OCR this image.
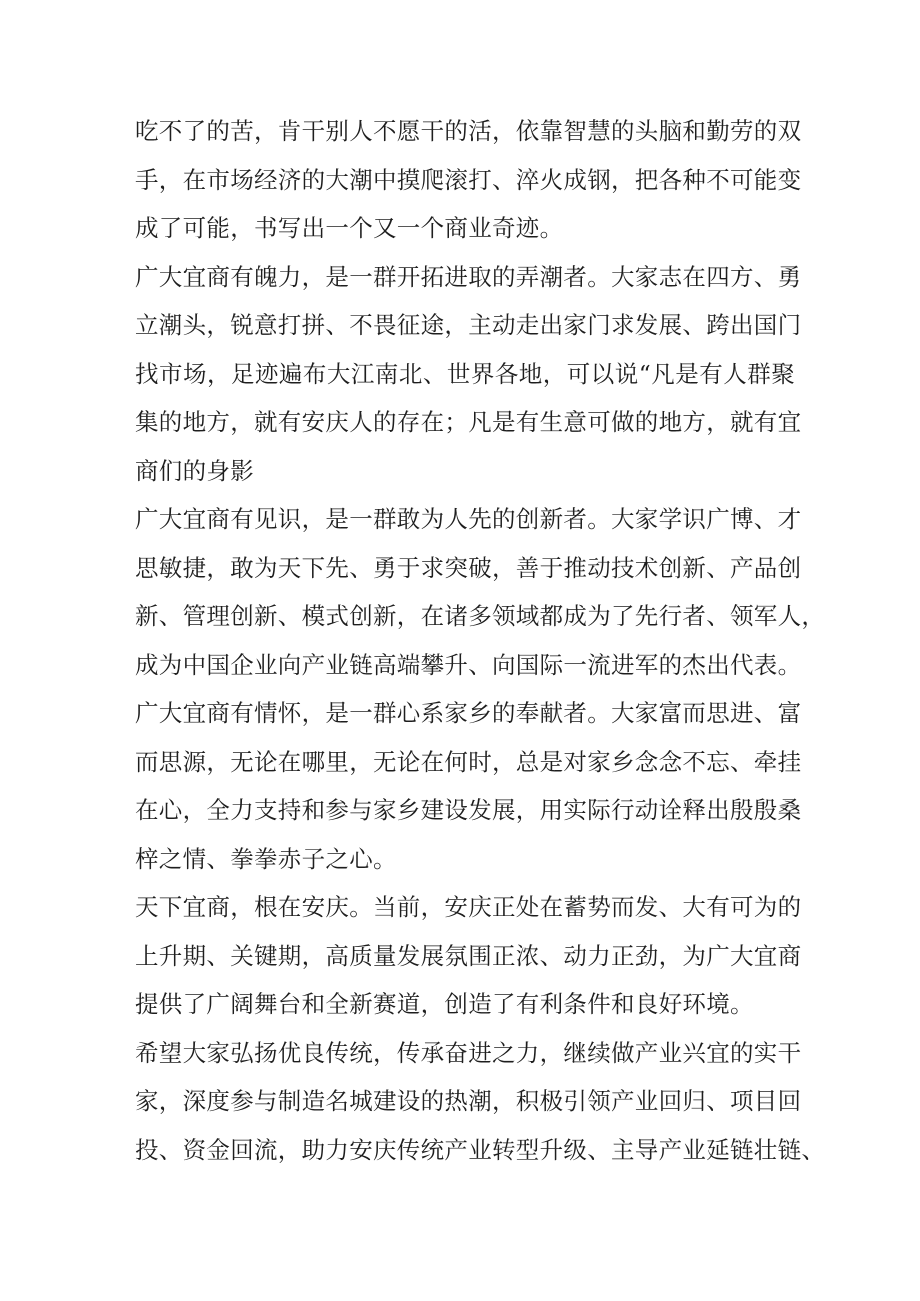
吃不了的苦，肯干别人不愿干的活，依靠智慧的头脑和勤劳的双
手，在市场经济的大潮中摸爬滚打、淬火成钢，把各种不可能变
成了可能，书写出一个又一个商业奇迹。
广大宜商有魄力，是一群开拓进取的弄潮者。大家志在四方、勇
立潮头，锐意打拼、不畏征途，主动走出家门求发展、跨出国门
找市场，足迹遍布大江南北、世界各地，可以说“凡是有人群聚
集的地方，就有安庆人的存在；凡是有生意可做的地方，就有宜
商们的身影
广大宜商有见识，是一群敢为人先的创新者。大家学识广博、才
思敏捷，敢为天下先、勇于求突破，善于推动技术创新、产品创
新、管理创新、模式创新，在诸多领域都成为了先行者、领军人，
成为中国企业向产业链高端攀升、向国际一流进军的杰出代表。
广大宜商有情怀，是一群心系家乡的奉献者。大家富而思进、富
而思源，无论在哪里，无论在何时，总是对家乡念念不忘、牵挂
在心，全力支持和参与家乡建设发展，用实际行动诠释出殷殷桑
梓之情、拳拳赤子之心。
天下宜商，根在安庆。当前，安庆正处在蓄势而发、大有可为的
上升期、关键期，高质量发展氛围正浓、动力正劲，为广大宜商
提供了广阔舞台和全新赛道，创造了有利条件和良好环境。
希望大家弘扬优良传统，传承奋进之力，继续做产业兴宜的实干
家，深度参与制造名城建设的热潮，积极引领产业回归、项目回
投、资金回流，助力安庆传统产业转型升级、主导产业延链壮链、
